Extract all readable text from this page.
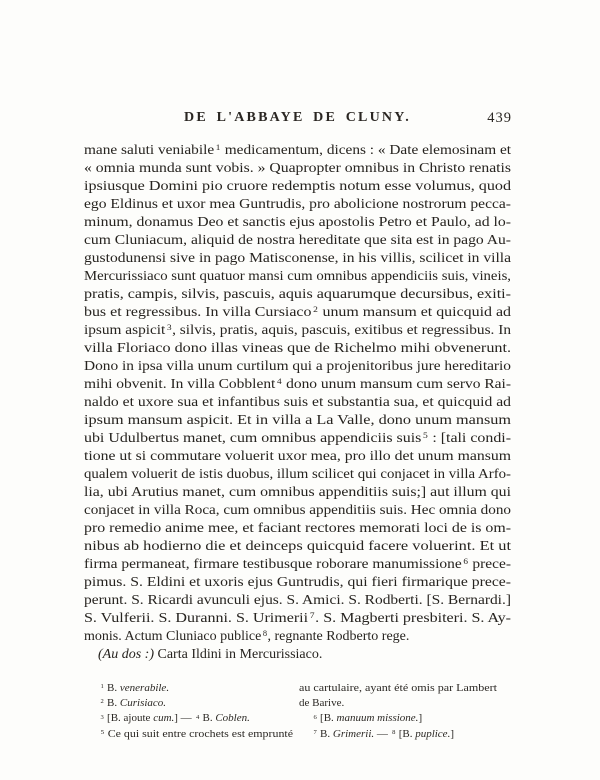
DE L'ABBAYE DE CLUNY.	439
mane saluti veniabile $^1$ medicamentum, dicens : « Date elemosinam et
« omnia munda sunt vobis. » Quapropter omnibus in Christo renatis
ipsiusque Domini pio cruore redemptis notum esse volumus, quod
ego Eldinus et uxor mea Guntrudis, pro abolicione nostrorum pecca-
minum, donamus Deo et sanctis ejus apostolis Petro et Paulo, ad lo-
cum Cluniacum, aliquid de nostra hereditate que sita est in pago Au-
gustodunensi sive in pago Matisconense, in his villis, scilicet in villa
Mercurissiaco sunt quatuor mansi cum omnibus appendiciis suis, vineis,
pratis, campis, silvis, pascuis, aquis aquarumque decursibus, exiti-
bus et regressibus. In villa Cursiaco $^2$ unum mansum et quicquid ad
ipsum aspicit $^3$, silvis, pratis, aquis, pascuis, exitibus et regressibus. In
villa Floriaco dono illas vineas que de Richelmo mihi obvenerunt.
Dono in ipsa villa unum curtilum qui a projenitoribus jure hereditario
mihi obvenit. In villa Cobblent $^4$ dono unum mansum cum servo Rai-
naldo et uxore sua et infantibus suis et substantia sua, et quicquid ad
ipsum mansum aspicit. Et in villa a La Valle, dono unum mansum
ubi Udulbertus manet, cum omnibus appendiciis suis $^5$ : [tali condi-
tione ut si commutare voluerit uxor mea, pro illo det unum mansum
qualem voluerit de istis duobus, illum scilicet qui conjacet in villa Arfo-
lia, ubi Arutius manet, cum omnibus appenditiis suis;] aut illum qui
conjacet in villa Roca, cum omnibus appenditiis suis. Hec omnia dono
pro remedio anime mee, et faciant rectores memorati loci de is om-
nibus ab hodierno die et deinceps quicquid facere voluerint. Et ut
firma permaneat, firmare testibusque roborare manumissione $^6$ prece-
pimus. S. Eldini et uxoris ejus Guntrudis, qui fieri firmarique prece-
perunt. S. Ricardi avunculi ejus. S. Amici. S. Rodberti. [S. Bernardi.]
S. Vulferii. S. Duranni. S. Urimerii $^7$. S. Magberti presbiteri. S. Ay-
monis. Actum Cluniaco publice $^8$, regnante Rodberto rege.
(Au dos :) Carta Ildini in Mercurissiaco.
$^1$ B. venerabile.
$^2$ B. Curisiaco.
$^3$ [B. ajoute cum.] — $^4$ B. Coblen.
$^5$ Ce qui suit entre crochets est emprunté
au cartulaire, ayant été omis par Lambert
de Barive.
$^6$ [B. manuum missione.]
$^7$ B. Grimerii. — $^8$ [B. puplice.]
